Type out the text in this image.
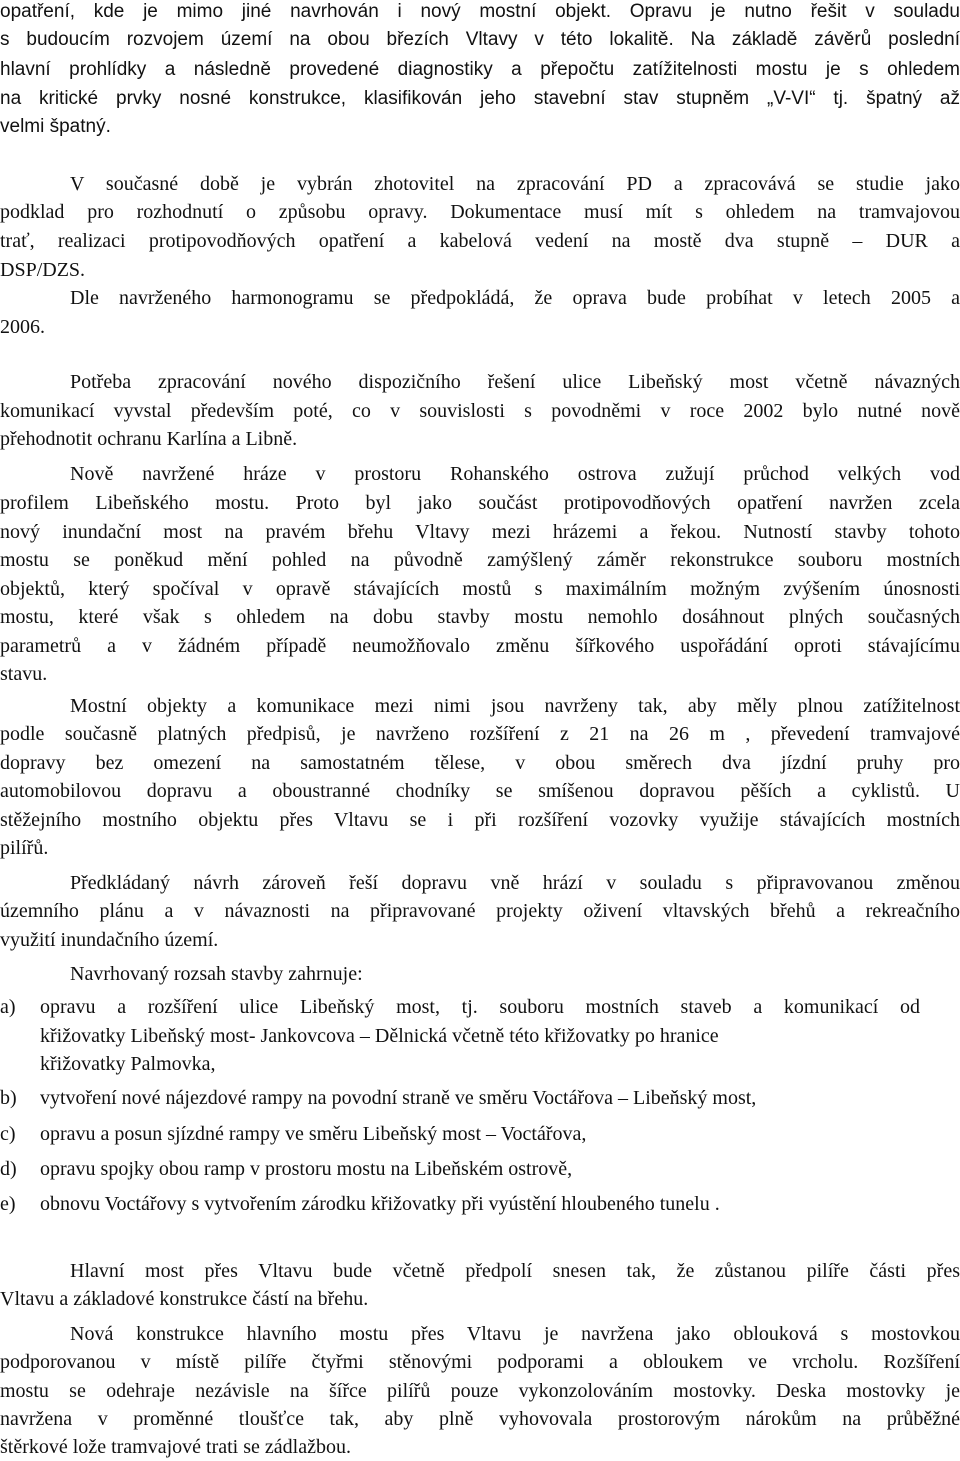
opatření, kde je mimo jiné navrhován i nový mostní objekt. Opravu je nutno řešit v souladu
s budoucím rozvojem území na obou březích Vltavy v této lokalitě. Na základě závěrů poslední
hlavní prohlídky a následně provedené diagnostiky a přepočtu zatížitelnosti mostu je s ohledem
na kritické prvky nosné konstrukce, klasifikován jeho stavební stav stupněm „V-VI“ tj. špatný až
velmi špatný.
V současné době je vybrán zhotovitel na zpracování PD a zpracovává se studie jako
podklad pro rozhodnutí o způsobu opravy. Dokumentace musí mít s ohledem na tramvajovou
trať, realizaci protipovodňových opatření a kabelová vedení na mostě dva stupně – DUR a
DSP/DZS.
Dle navrženého harmonogramu se předpokládá, že oprava bude probíhat v letech 2005 a
2006.
Potřeba zpracování nového dispozičního řešení ulice Libeňský most včetně návazných
komunikací vyvstal především poté, co v souvislosti s povodněmi v roce 2002 bylo nutné nově
přehodnotit ochranu Karlína a Libně.
Nově navržené hráze v prostoru Rohanského ostrova zužují průchod velkých vod
profilem Libeňského mostu. Proto byl jako součást protipovodňových opatření navržen zcela
nový inundační most na pravém břehu Vltavy mezi hrázemi a řekou. Nutností stavby tohoto
mostu se poněkud mění pohled na původně zamýšlený záměr rekonstrukce souboru mostních
objektů, který spočíval v opravě stávajících mostů s maximálním možným zvýšením únosnosti
mostu, které však s ohledem na dobu stavby mostu nemohlo dosáhnout plných současných
parametrů a v žádném případě neumožňovalo změnu šířkového uspořádání oproti stávajícímu
stavu.
Mostní objekty a komunikace mezi nimi jsou navrženy tak, aby měly plnou zatížitelnost
podle současně platných předpisů, je navrženo rozšíření z 21 na 26 m , převedení tramvajové
dopravy bez omezení na samostatném tělese, v obou směrech dva jízdní pruhy pro
automobilovou dopravu a oboustranné chodníky se smíšenou dopravou pěších a cyklistů. U
stěžejního mostního objektu přes Vltavu se i při rozšíření vozovky využije stávajících mostních
pilířů.
Předkládaný návrh zároveň řeší dopravu vně hrází v souladu s připravovanou změnou
územního plánu a v návaznosti na připravované projekty oživení vltavských břehů a rekreačního
využití inundačního území.
Navrhovaný rozsah stavby zahrnuje:
a)	opravu a rozšíření ulice Libeňský most, tj. souboru mostních staveb a komunikací od
křižovatky Libeňský most- Jankovcova – Dělnická včetně této křižovatky po hranice
křižovatky Palmovka,
b)	vytvoření nové nájezdové rampy na povodní straně ve směru Voctářova – Libeňský most,
c)	opravu a posun sjízdné rampy ve směru Libeňský most – Voctářova,
d)	opravu spojky obou ramp v prostoru mostu na Libeňském ostrově,
e)	obnovu Voctářovy s vytvořením zárodku křižovatky při vyústění hloubeného tunelu .
Hlavní most přes Vltavu bude včetně předpolí snesen tak, že zůstanou pilíře části přes
Vltavu a základové konstrukce částí na břehu.
Nová konstrukce hlavního mostu přes Vltavu je navržena jako oblouková s mostovkou
podporovanou v místě pilíře čtyřmi stěnovými podporami a obloukem ve vrcholu. Rozšíření
mostu se odehraje nezávisle na šířce pilířů pouze vykonzolováním mostovky. Deska mostovky je
navržena v proměnné tloušťce tak, aby plně vyhovovala prostorovým nárokům na průběžné
štěrkové lože tramvajové trati se zádlažbou.
